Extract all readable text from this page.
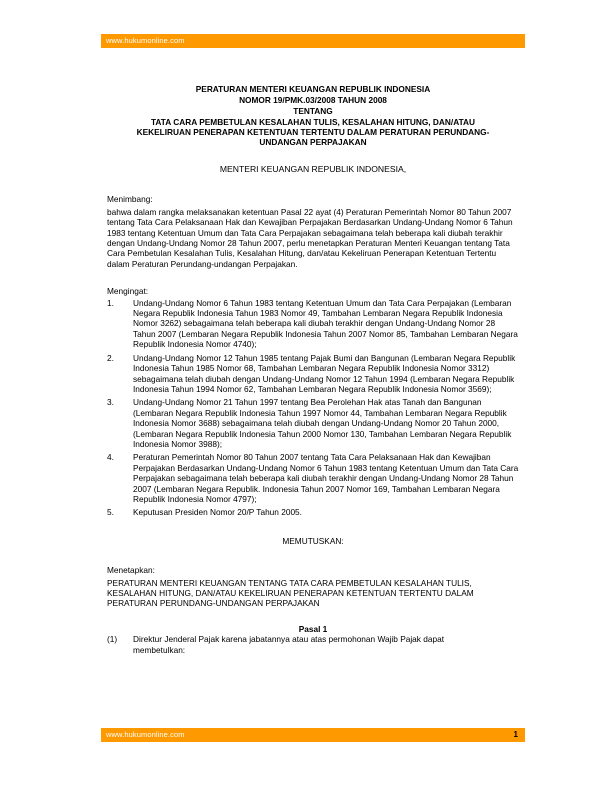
www.hukumonline.com
PERATURAN MENTERI KEUANGAN REPUBLIK INDONESIA
NOMOR 19/PMK.03/2008 TAHUN 2008
TENTANG
TATA CARA PEMBETULAN KESALAHAN TULIS, KESALAHAN HITUNG, DAN/ATAU
KEKELIRUAN PENERAPAN KETENTUAN TERTENTU DALAM PERATURAN PERUNDANG-
UNDANGAN PERPAJAKAN
MENTERI KEUANGAN REPUBLIK INDONESIA,
Menimbang:

bahwa dalam rangka melaksanakan ketentuan Pasal 22 ayat (4) Peraturan Pemerintah Nomor 80 Tahun 2007 tentang Tata Cara Pelaksanaan Hak dan Kewajiban Perpajakan Berdasarkan Undang-Undang Nomor 6 Tahun 1983 tentang Ketentuan Umum dan Tata Cara Perpajakan sebagaimana telah beberapa kali diubah terakhir dengan Undang-Undang Nomor 28 Tahun 2007, perlu menetapkan Peraturan Menteri Keuangan tentang Tata Cara Pembetulan Kesalahan Tulis, Kesalahan Hitung, dan/atau Kekeliruan Penerapan Ketentuan Tertentu dalam Peraturan Perundang-undangan Perpajakan.

Mengingat:
1.	Undang-Undang Nomor 6 Tahun 1983 tentang Ketentuan Umum dan Tata Cara Perpajakan (Lembaran Negara Republik Indonesia Tahun 1983 Nomor 49, Tambahan Lembaran Negara Republik Indonesia Nomor 3262) sebagaimana telah beberapa kali diubah terakhir dengan Undang-Undang Nomor 28 Tahun 2007 (Lembaran Negara Republik Indonesia Tahun 2007 Nomor 85, Tambahan Lembaran Negara Republik Indonesia Nomor 4740);
2.	Undang-Undang Nomor 12 Tahun 1985 tentang Pajak Bumi dan Bangunan (Lembaran Negara Republik Indonesia Tahun 1985 Nomor 68, Tambahan Lembaran Negara Republik Indonesia Nomor 3312) sebagaimana telah diubah dengan Undang-Undang Nomor 12 Tahun 1994 (Lembaran Negara Republik Indonesia Tahun 1994 Nomor 62, Tambahan Lembaran Negara Republik Indonesia Nomor 3569);
3.	Undang-Undang Nomor 21 Tahun 1997 tentang Bea Perolehan Hak atas Tanah dan Bangunan (Lembaran Negara Republik Indonesia Tahun 1997 Nomor 44, Tambahan Lembaran Negara Republik Indonesia Nomor 3688) sebagaimana telah diubah dengan Undang-Undang Nomor 20 Tahun 2000, (Lembaran Negara Republik Indonesia Tahun 2000 Nomor 130, Tambahan Lembaran Negara Republik Indonesia Nomor 3988);
4.	Peraturan Pemerintah Nomor 80 Tahun 2007 tentang Tata Cara Pelaksanaan Hak dan Kewajiban Perpajakan Berdasarkan Undang-Undang Nomor 6 Tahun 1983 tentang Ketentuan Umum dan Tata Cara Perpajakan sebagaimana telah beberapa kali diubah terakhir dengan Undang-Undang Nomor 28 Tahun 2007 (Lembaran Negara Republik. Indonesia Tahun 2007 Nomor 169, Tambahan Lembaran Negara Republik Indonesia Nomor 4797);
5.	Keputusan Presiden Nomor 20/P Tahun 2005.
MEMUTUSKAN:
Menetapkan:

PERATURAN MENTERI KEUANGAN TENTANG TATA CARA PEMBETULAN KESALAHAN TULIS, KESALAHAN HITUNG, DAN/ATAU KEKELIRUAN PENERAPAN KETENTUAN TERTENTU DALAM PERATURAN PERUNDANG-UNDANGAN PERPAJAKAN

Pasal 1
(1)	Direktur Jenderal Pajak karena jabatannya atau atas permohonan Wajib Pajak dapat membetulkan:
www.hukumonline.com	1
